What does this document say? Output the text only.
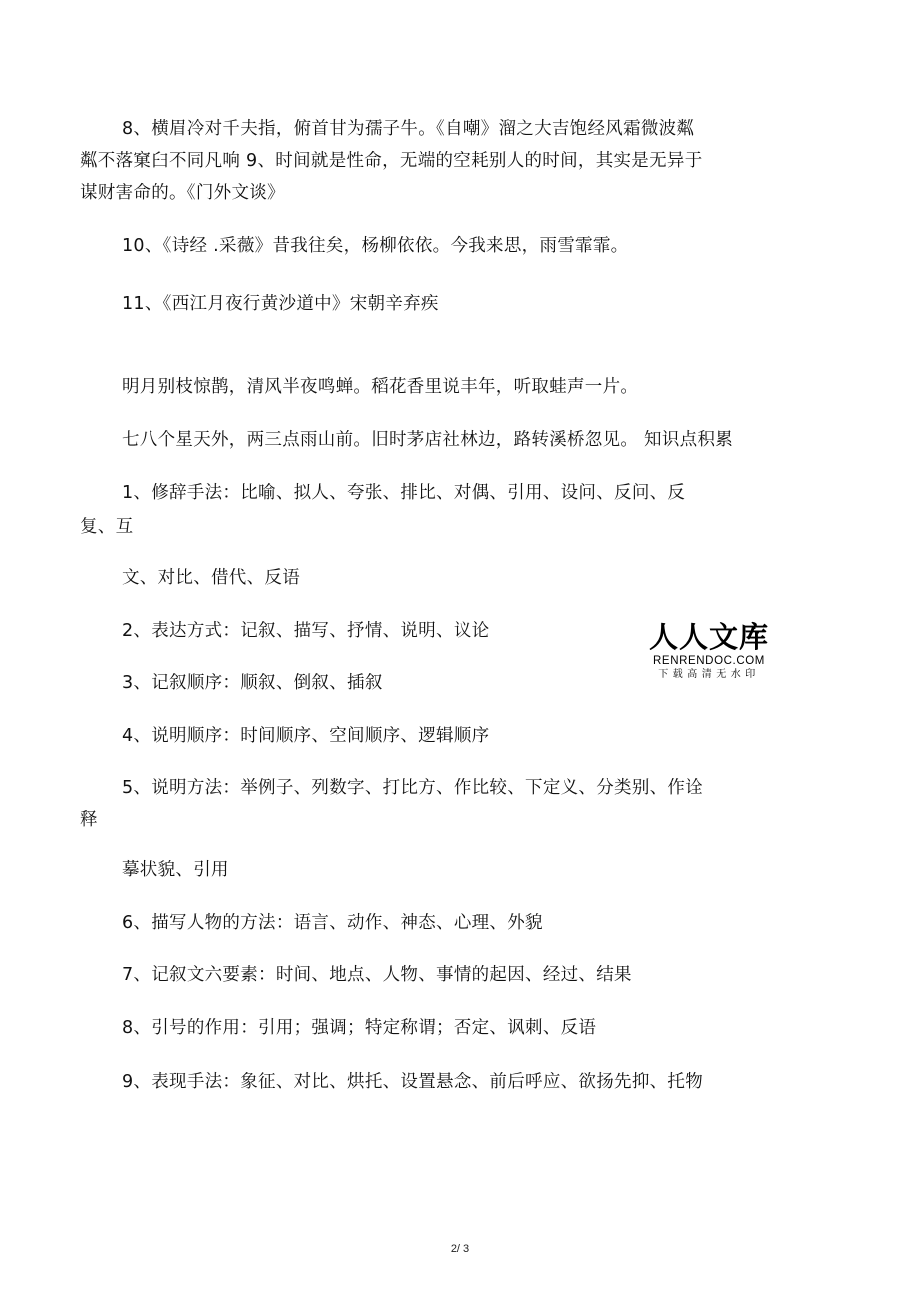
8、横眉冷对千夫指，俯首甘为孺子牛。《自嘲》溜之大吉饱经风霜微波粼
粼不落窠臼不同凡响 9、时间就是性命，无端的空耗别人的时间，其实是无异于
谋财害命的。《门外文谈》
10、《诗经 .采薇》昔我往矣，杨柳依依。今我来思，雨雪霏霏。
11、《西江月夜行黄沙道中》宋朝辛弃疾
明月别枝惊鹊，清风半夜鸣蝉。稻花香里说丰年，听取蛙声一片。
七八个星天外，两三点雨山前。旧时茅店社林边，路转溪桥忽见。 知识点积累
1、修辞手法：比喻、拟人、夸张、排比、对偶、引用、设问、反问、反
复、互
文、对比、借代、反语
2、表达方式：记叙、描写、抒情、说明、议论
3、记叙顺序：顺叙、倒叙、插叙
4、说明顺序：时间顺序、空间顺序、逻辑顺序
5、说明方法：举例子、列数字、打比方、作比较、下定义、分类别、作诠
释
摹状貌、引用
6、描写人物的方法：语言、动作、神态、心理、外貌
7、记叙文六要素：时间、地点、人物、事情的起因、经过、结果
8、引号的作用：引用；强调；特定称谓；否定、讽刺、反语
9、表现手法：象征、对比、烘托、设置悬念、前后呼应、欲扬先抑、托物
人人文库
RENRENDOC.COM
下载高清无水印
2/ 3
